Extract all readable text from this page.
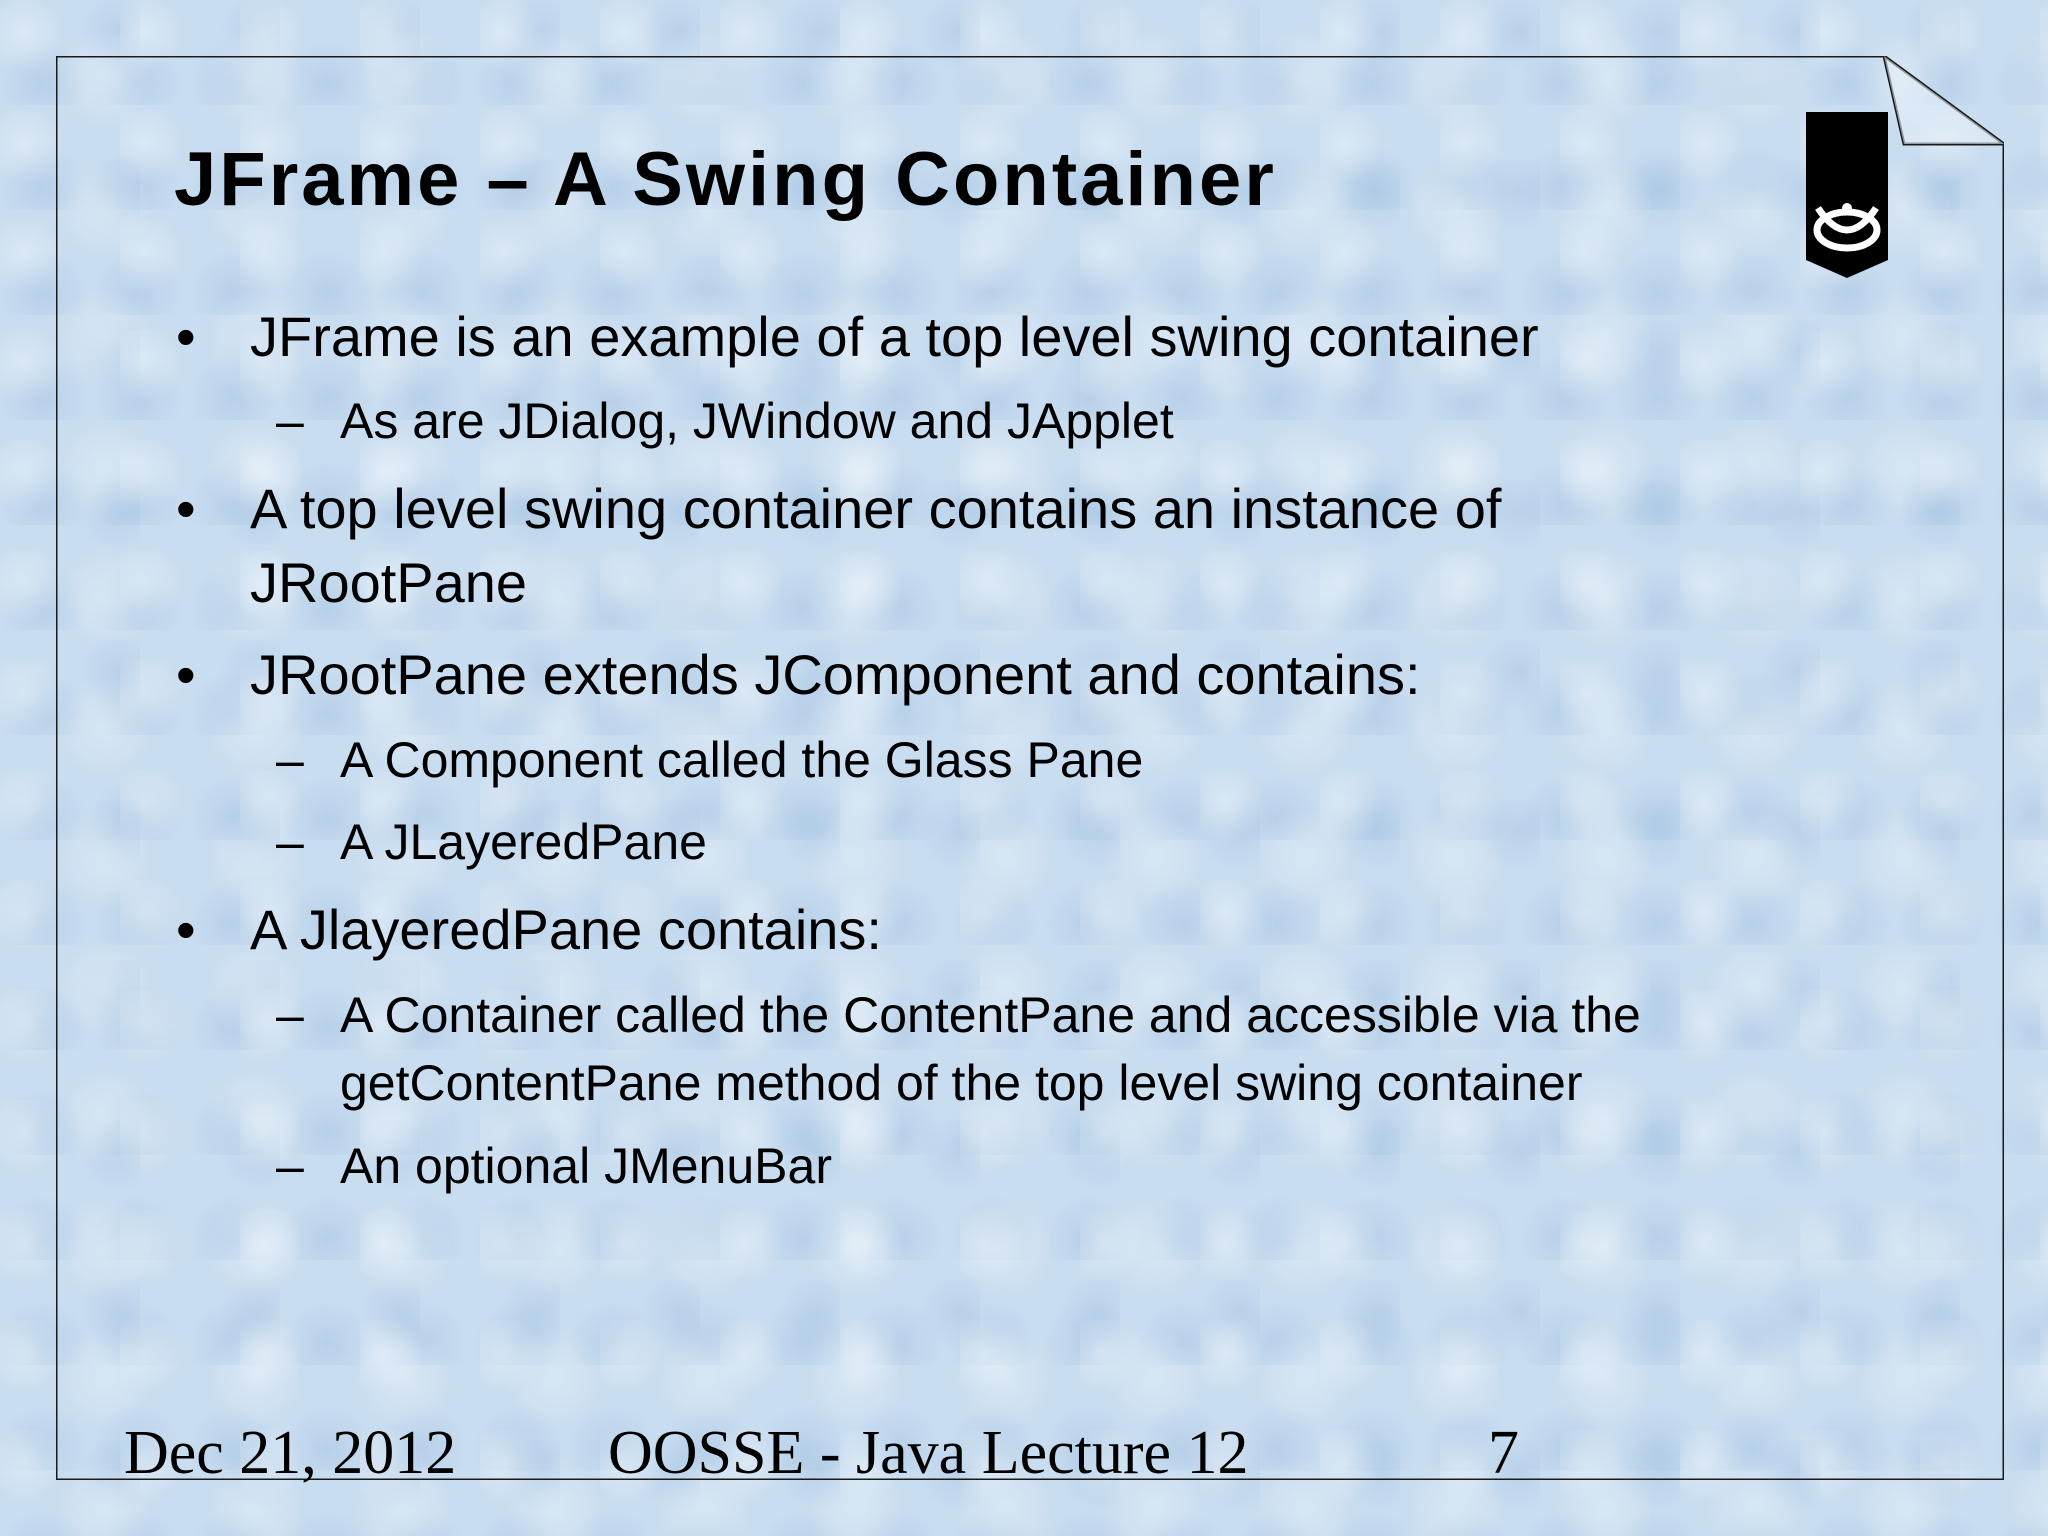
JFrame – A Swing Container
• JFrame is an example of a top level swing container
– As are JDialog, JWindow and JApplet
• A top level swing container contains an instance of
JRootPane
• JRootPane extends JComponent and contains:
– A Component called the Glass Pane
– A JLayeredPane
• A JlayeredPane contains:
– A Container called the ContentPane and accessible via the
getContentPane method of the top level swing container
– An optional JMenuBar
Dec 21, 2012 OOSSE - Java Lecture 12	7
